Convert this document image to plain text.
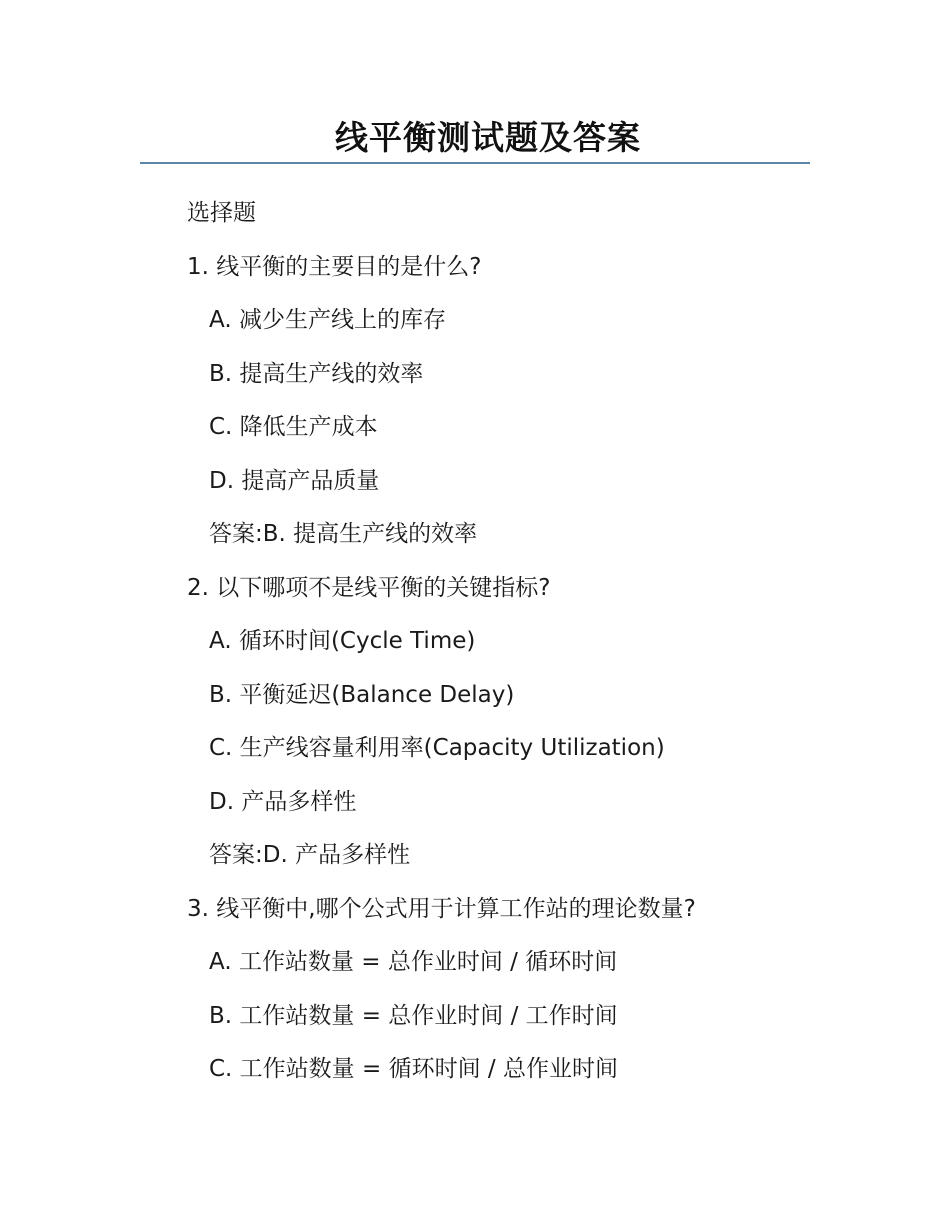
线平衡测试题及答案
选择题
1. 线平衡的主要目的是什么?
A. 减少生产线上的库存
B. 提高生产线的效率
C. 降低生产成本
D. 提高产品质量
答案:B. 提高生产线的效率
2. 以下哪项不是线平衡的关键指标?
A. 循环时间(Cycle Time)
B. 平衡延迟(Balance Delay)
C. 生产线容量利用率(Capacity Utilization)
D. 产品多样性
答案:D. 产品多样性
3. 线平衡中,哪个公式用于计算工作站的理论数量?
A. 工作站数量 = 总作业时间 / 循环时间
B. 工作站数量 = 总作业时间 / 工作时间
C. 工作站数量 = 循环时间 / 总作业时间
